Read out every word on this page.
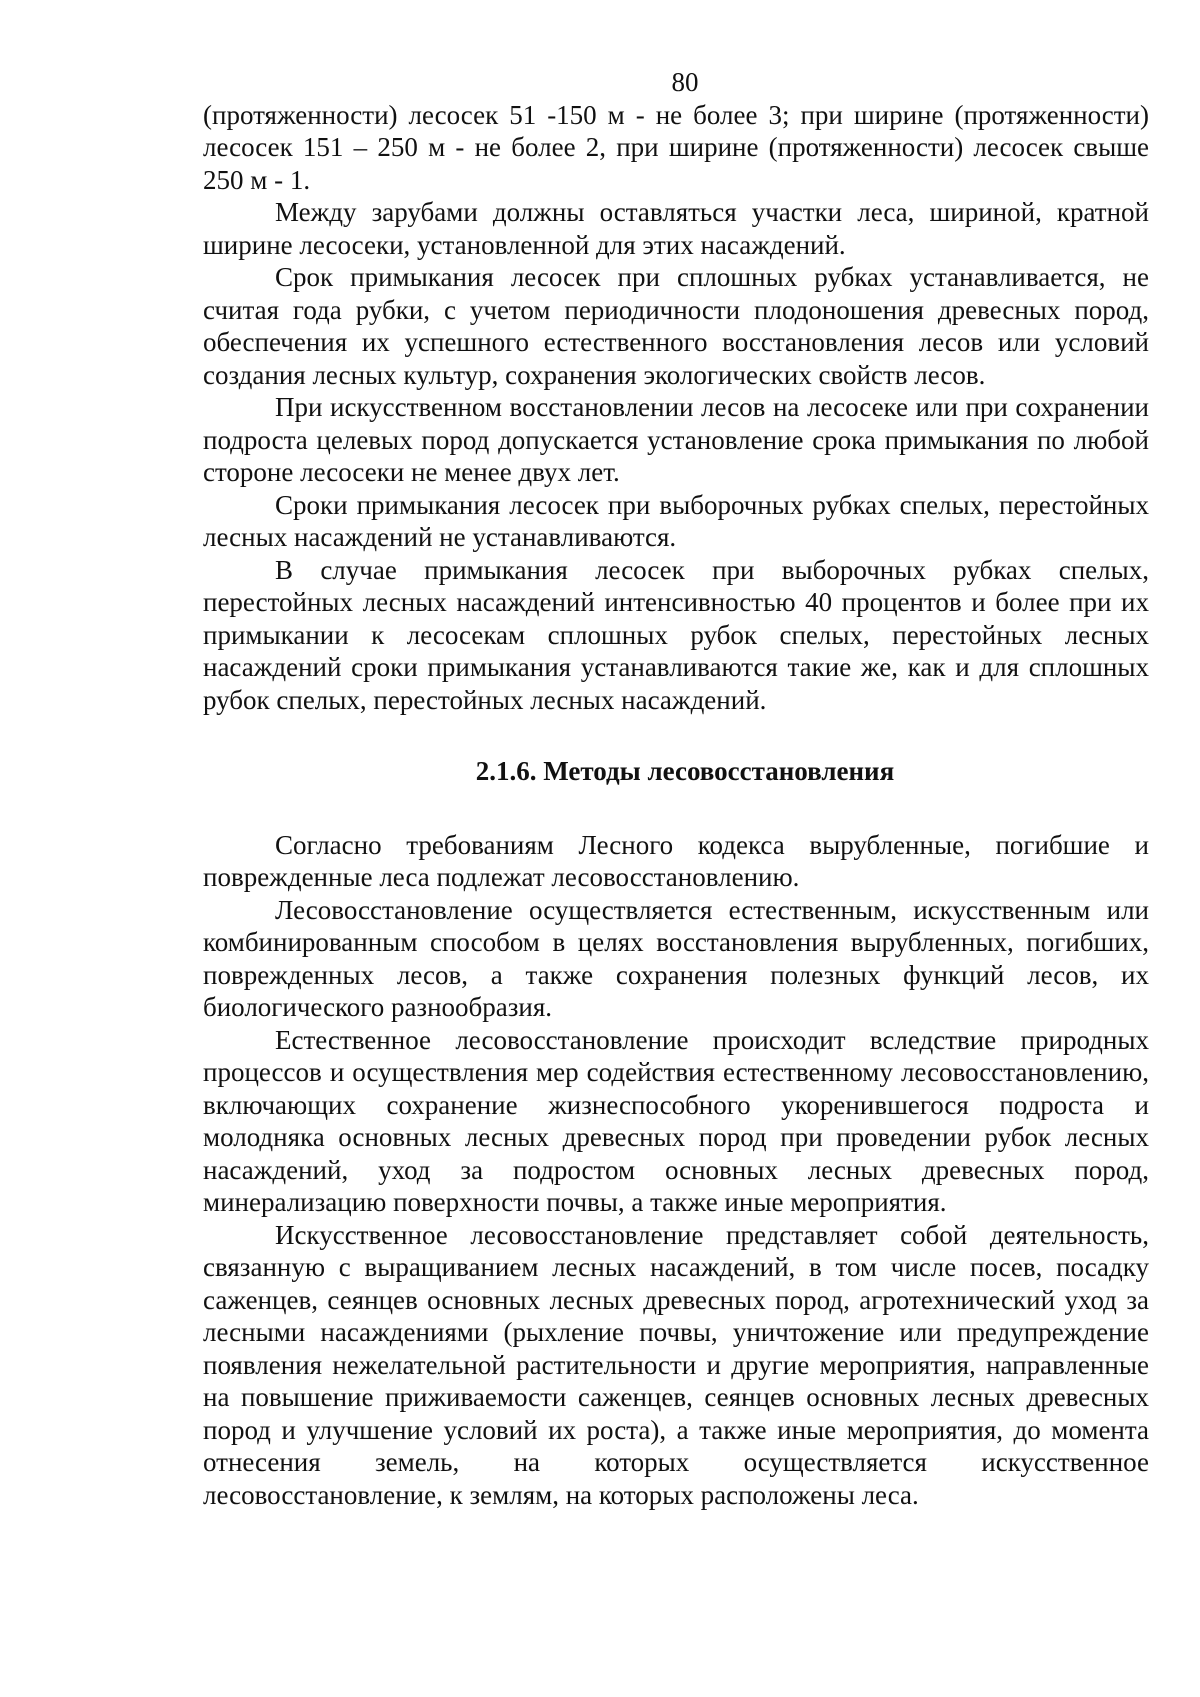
80

(протяженности) лесосек 51 -150 м - не более 3; при ширине (протяженности) лесосек 151 – 250 м - не более 2, при ширине (протяженности) лесосек свыше 250 м - 1.

Между зарубами должны оставляться участки леса, шириной, кратной ширине лесосеки, установленной для этих насаждений.

Срок примыкания лесосек при сплошных рубках устанавливается, не считая года рубки, с учетом периодичности плодоношения древесных пород, обеспечения их успешного естественного восстановления лесов или условий создания лесных культур, сохранения экологических свойств лесов.

При искусственном восстановлении лесов на лесосеке или при сохранении подроста целевых пород допускается установление срока примыкания по любой стороне лесосеки не менее двух лет.

Сроки примыкания лесосек при выборочных рубках спелых, перестойных лесных насаждений не устанавливаются.

В случае примыкания лесосек при выборочных рубках спелых, перестойных лесных насаждений интенсивностью 40 процентов и более при их примыкании к лесосекам сплошных рубок спелых, перестойных лесных насаждений сроки примыкания устанавливаются такие же, как и для сплошных рубок спелых, перестойных лесных насаждений.

2.1.6. Методы лесовосстановления

Согласно требованиям Лесного кодекса вырубленные, погибшие и поврежденные леса подлежат лесовосстановлению.

Лесовосстановление осуществляется естественным, искусственным или комбинированным способом в целях восстановления вырубленных, погибших, поврежденных лесов, а также сохранения полезных функций лесов, их биологического разнообразия.

Естественное лесовосстановление происходит вследствие природных процессов и осуществления мер содействия естественному лесовосстановлению, включающих сохранение жизнеспособного укоренившегося подроста и молодняка основных лесных древесных пород при проведении рубок лесных насаждений, уход за подростом основных лесных древесных пород, минерализацию поверхности почвы, а также иные мероприятия.

Искусственное лесовосстановление представляет собой деятельность, связанную с выращиванием лесных насаждений, в том числе посев, посадку саженцев, сеянцев основных лесных древесных пород, агротехнический уход за лесными насаждениями (рыхление почвы, уничтожение или предупреждение появления нежелательной растительности и другие мероприятия, направленные на повышение приживаемости саженцев, сеянцев основных лесных древесных пород и улучшение условий их роста), а также иные мероприятия, до момента отнесения земель, на которых осуществляется искусственное лесовосстановление, к землям, на которых расположены леса.
